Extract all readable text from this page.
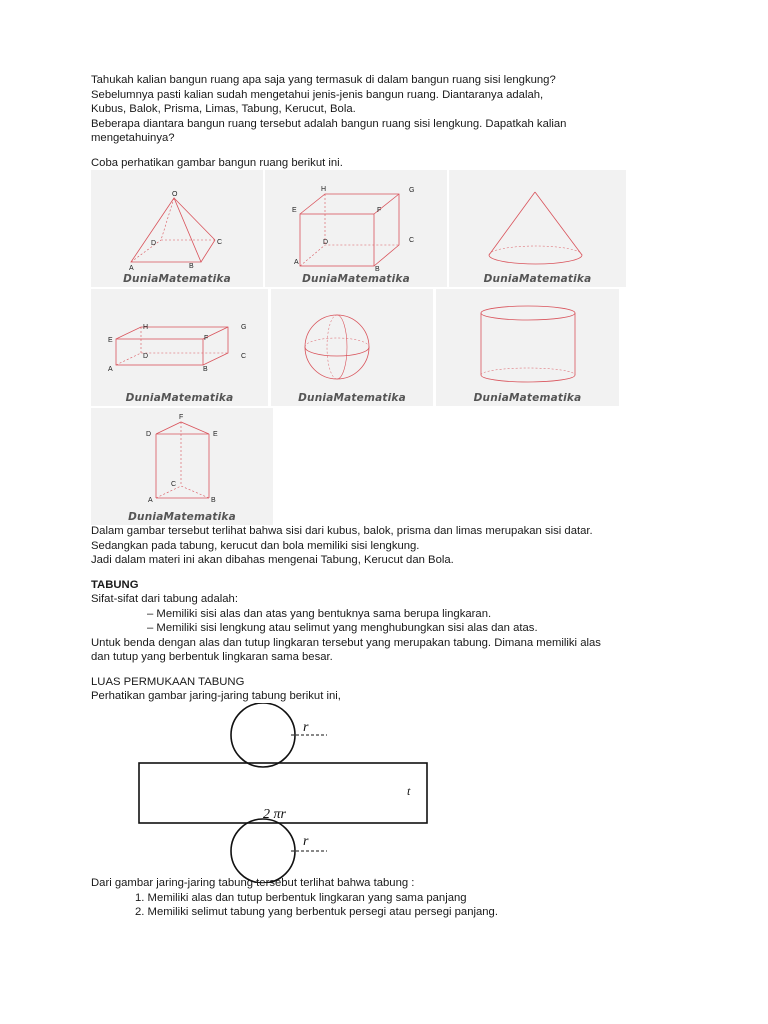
Tahukah kalian bangun ruang apa saja yang termasuk di dalam bangun ruang sisi lengkung?
Sebelumnya pasti kalian sudah mengetahui jenis-jenis bangun ruang. Diantaranya adalah,
Kubus, Balok, Prisma, Limas, Tabung, Kerucut, Bola.
Beberapa diantara bangun ruang tersebut adalah bangun ruang sisi lengkung. Dapatkah kalian
mengetahuinya?
Coba perhatikan gambar bangun ruang berikut ini.
O
D	C
A	B
DuniaMatematika
H	G
E	F
D	C
A
B
DuniaMatematika	DuniaMatematika
H	G
E	F
D	C
A	B
DuniaMatematika	DuniaMatematika	DuniaMatematika
F
D	E
C
A	B
DuniaMatematika
Dalam gambar tersebut terlihat bahwa sisi dari kubus, balok, prisma dan limas merupakan sisi datar.
Sedangkan pada tabung, kerucut dan bola memiliki sisi lengkung.
Jadi dalam materi ini akan dibahas mengenai Tabung, Kerucut dan Bola.
TABUNG
Sifat-sifat dari tabung adalah:
– Memiliki sisi alas dan atas yang bentuknya sama berupa lingkaran.
– Memiliki sisi lengkung atau selimut yang menghubungkan sisi alas dan atas.
Untuk benda dengan alas dan tutup lingkaran tersebut yang merupakan tabung. Dimana memiliki alas
dan tutup yang berbentuk lingkaran sama besar.
LUAS PERMUKAAN TABUNG
Perhatikan gambar jaring-jaring tabung berikut ini,
r
t
2 πr
r
Dari gambar jaring-jaring tabung tersebut terlihat bahwa tabung :
1. Memiliki alas dan tutup berbentuk lingkaran yang sama panjang
2. Memiliki selimut tabung yang berbentuk persegi atau persegi panjang.
